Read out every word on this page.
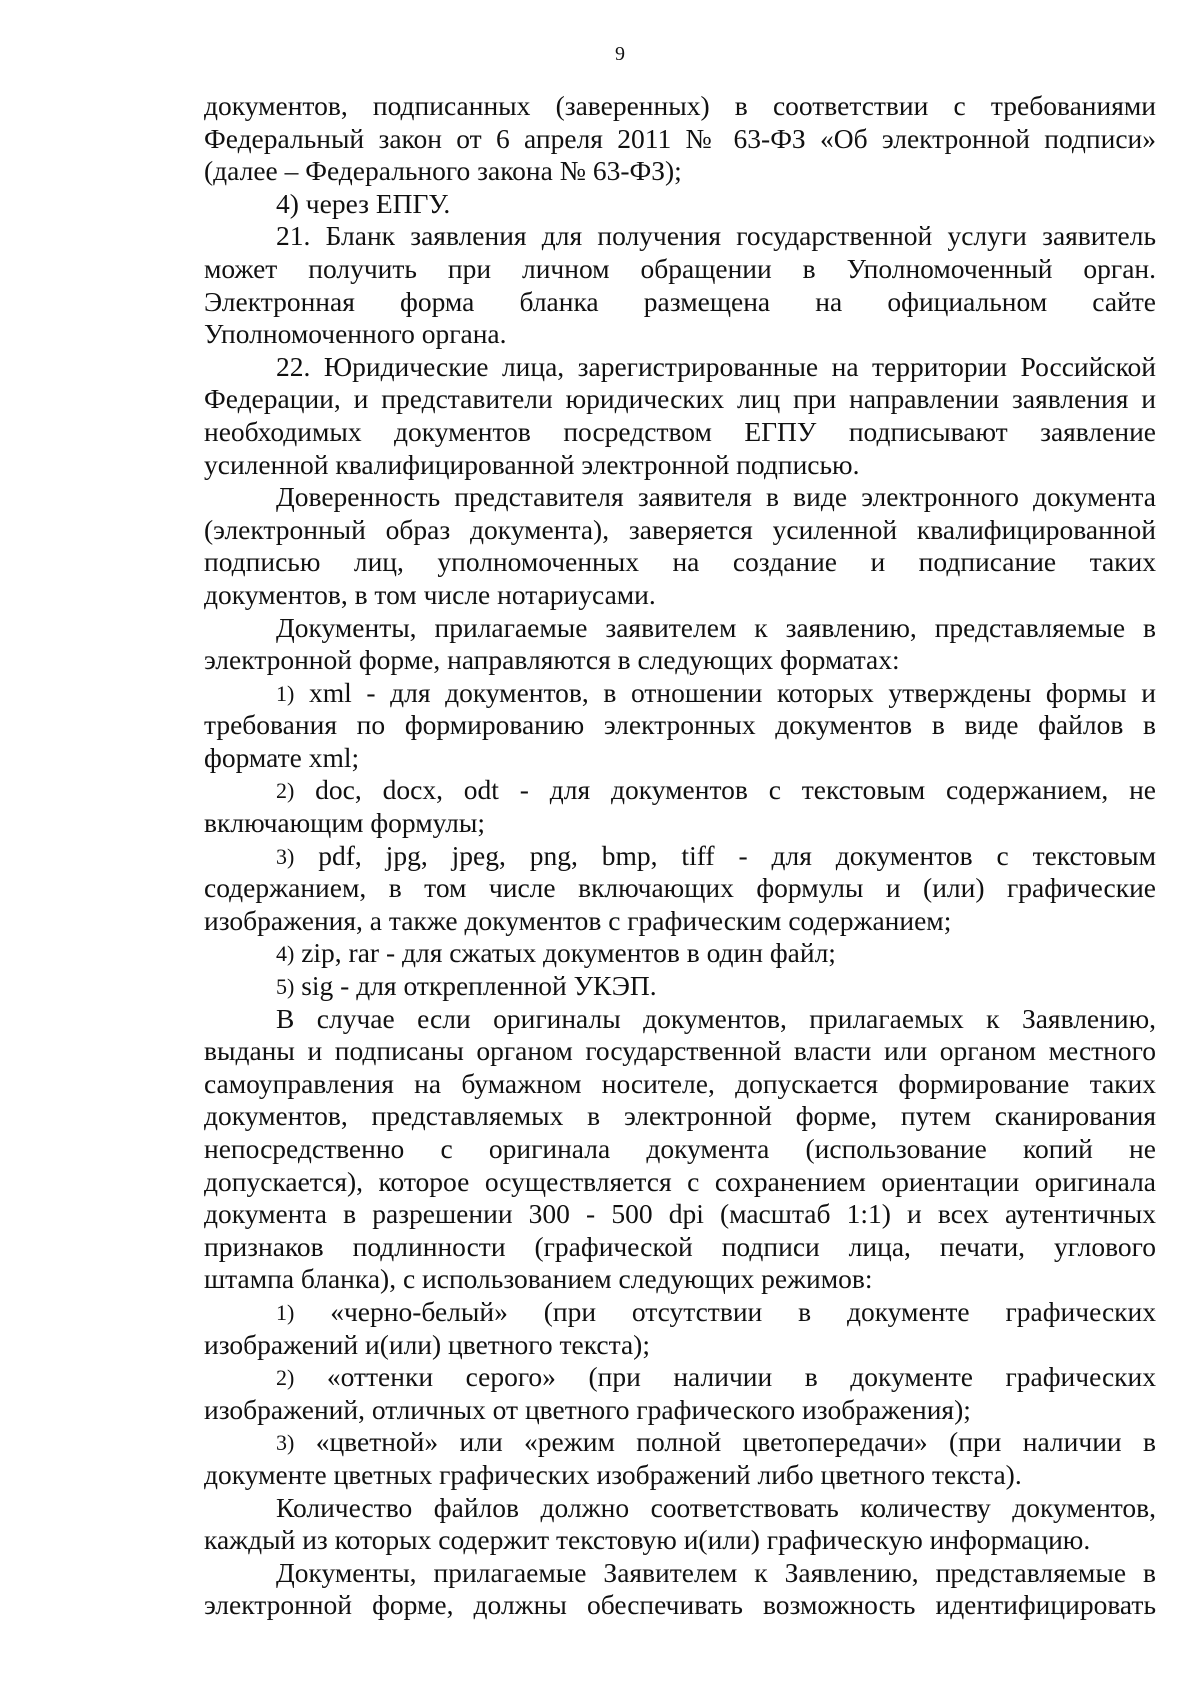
9
документов, подписанных (заверенных) в соответствии с требованиями
Федеральный закон от 6 апреля 2011 № 63-ФЗ «Об электронной подписи»
(далее – Федерального закона № 63-ФЗ);
4) через ЕПГУ.
21. Бланк заявления для получения государственной услуги заявитель
может получить при личном обращении в Уполномоченный орган.
Электронная форма бланка размещена на официальном сайте
Уполномоченного органа.
22. Юридические лица, зарегистрированные на территории Российской
Федерации, и представители юридических лиц при направлении заявления и
необходимых документов посредством ЕГПУ подписывают заявление
усиленной квалифицированной электронной подписью.
Доверенность представителя заявителя в виде электронного документа
(электронный образ документа), заверяется усиленной квалифицированной
подписью лиц, уполномоченных на создание и подписание таких
документов, в том числе нотариусами.
Документы, прилагаемые заявителем к заявлению, представляемые в
электронной форме, направляются в следующих форматах:
1) xml - для документов, в отношении которых утверждены формы и
требования по формированию электронных документов в виде файлов в
формате xml;
2) doc, docx, odt - для документов с текстовым содержанием, не
включающим формулы;
3) pdf, jpg, jpeg, png, bmp, tiff - для документов с текстовым
содержанием, в том числе включающих формулы и (или) графические
изображения, а также документов с графическим содержанием;
4) zip, rar - для сжатых документов в один файл;
5) sig - для открепленной УКЭП.
В случае если оригиналы документов, прилагаемых к Заявлению,
выданы и подписаны органом государственной власти или органом местного
самоуправления на бумажном носителе, допускается формирование таких
документов, представляемых в электронной форме, путем сканирования
непосредственно с оригинала документа (использование копий не
допускается), которое осуществляется с сохранением ориентации оригинала
документа в разрешении 300 - 500 dpi (масштаб 1:1) и всех аутентичных
признаков подлинности (графической подписи лица, печати, углового
штампа бланка), с использованием следующих режимов:
1) «черно-белый» (при отсутствии в документе графических
изображений и(или) цветного текста);
2) «оттенки серого» (при наличии в документе графических
изображений, отличных от цветного графического изображения);
3) «цветной» или «режим полной цветопередачи» (при наличии в
документе цветных графических изображений либо цветного текста).
Количество файлов должно соответствовать количеству документов,
каждый из которых содержит текстовую и(или) графическую информацию.
Документы, прилагаемые Заявителем к Заявлению, представляемые в
электронной форме, должны обеспечивать возможность идентифицировать
